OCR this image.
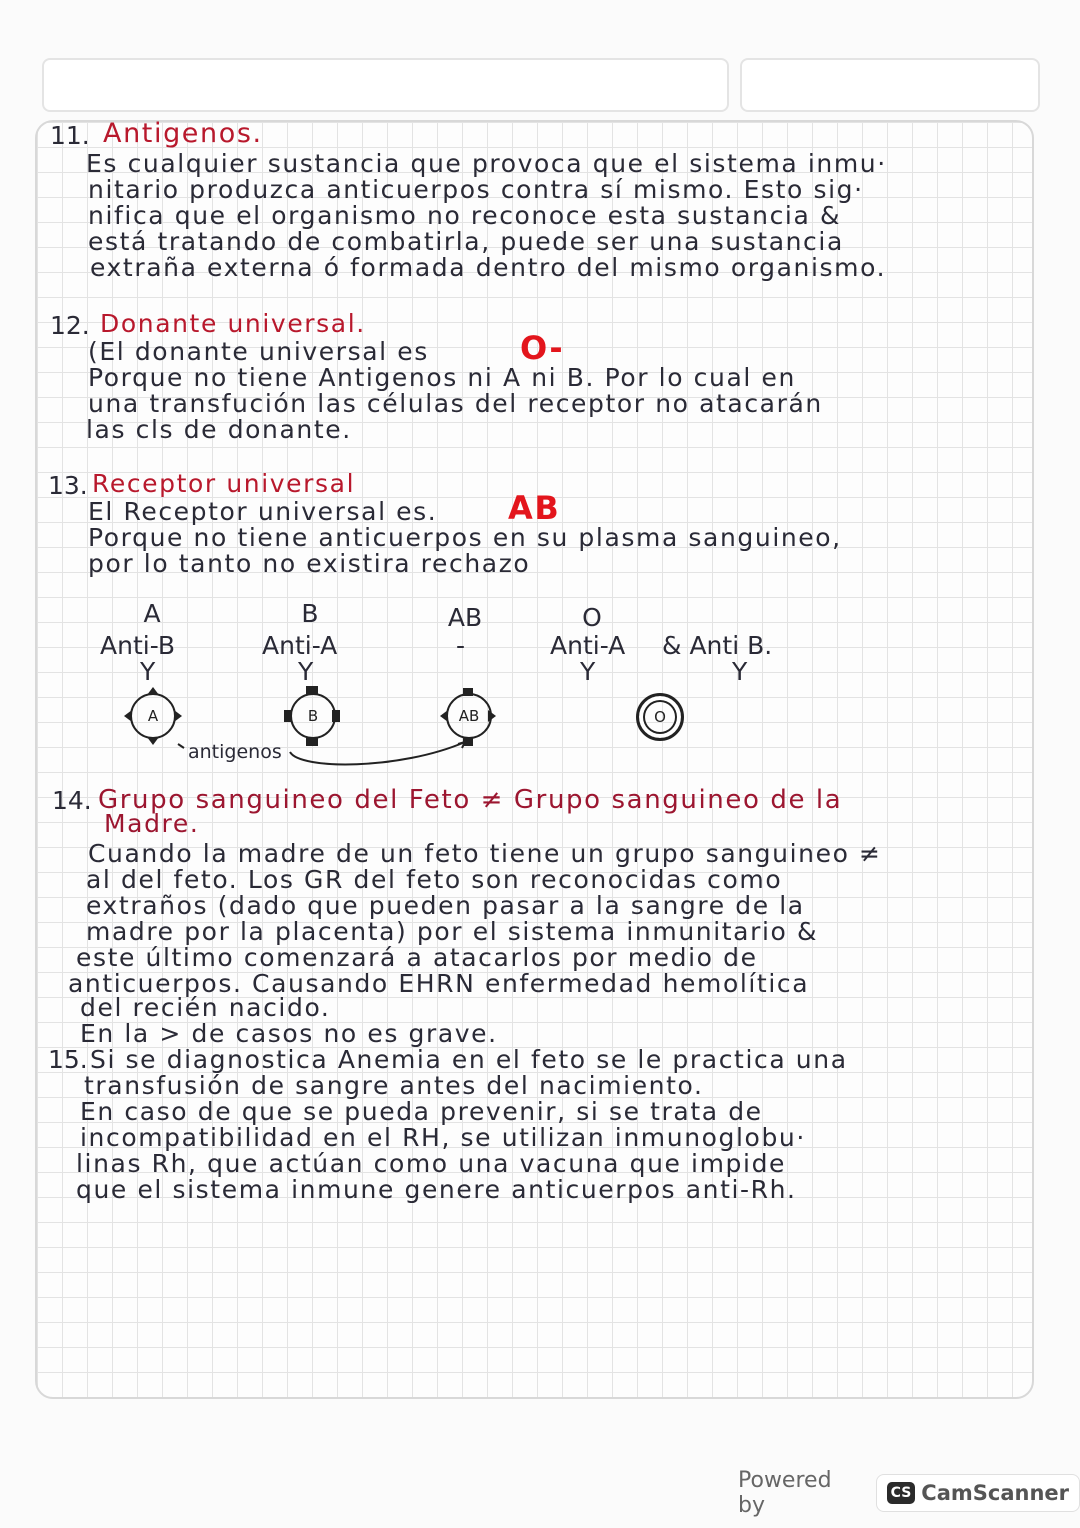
11. Antigenos.
Es cualquier sustancia que provoca que el sistema inmu·
nitario produzca anticuerpos contra sí mismo. Esto sig·
nifica que el organismo no reconoce esta sustancia &
está tratando de combatirla, puede ser una sustancia
extraña externa ó formada dentro del mismo organismo.
12. Donante universal.
(El donante universal es	O-
Porque no tiene Antigenos ni A ni B. Por lo cual en
una transfución las células del receptor no atacarán
las cls de donante.
13. Receptor universal
El Receptor universal es. AB
Porque no tiene anticuerpos en su plasma sanguineo,
por lo tanto no existira rechazo
A	B	AB	O
Anti-B	Anti-A	-	Anti-A & Anti B.
Y	Y	Y	Y
A	B	AB	O
antigenos
14. Grupo sanguineo del Feto ≠ Grupo sanguineo de la
Madre.
Cuando la madre de un feto tiene un grupo sanguineo ≠
al del feto. Los GR del feto son reconocidas como
extraños (dado que pueden pasar a la sangre de la
madre por la placenta) por el sistema inmunitario &
este último comenzará a atacarlos por medio de
anticuerpos. Causando EHRN enfermedad hemolítica
del recién nacido.
En la > de casos no es grave.
15. Si se diagnostica Anemia en el feto se le practica una
transfusión de sangre antes del nacimiento.
En caso de que se pueda prevenir, si se trata de
incompatibilidad en el RH, se utilizan inmunoglobu·
linas Rh, que actúan como una vacuna que impide
que el sistema inmune genere anticuerpos anti-Rh.
Powered by	CS CamScanner
